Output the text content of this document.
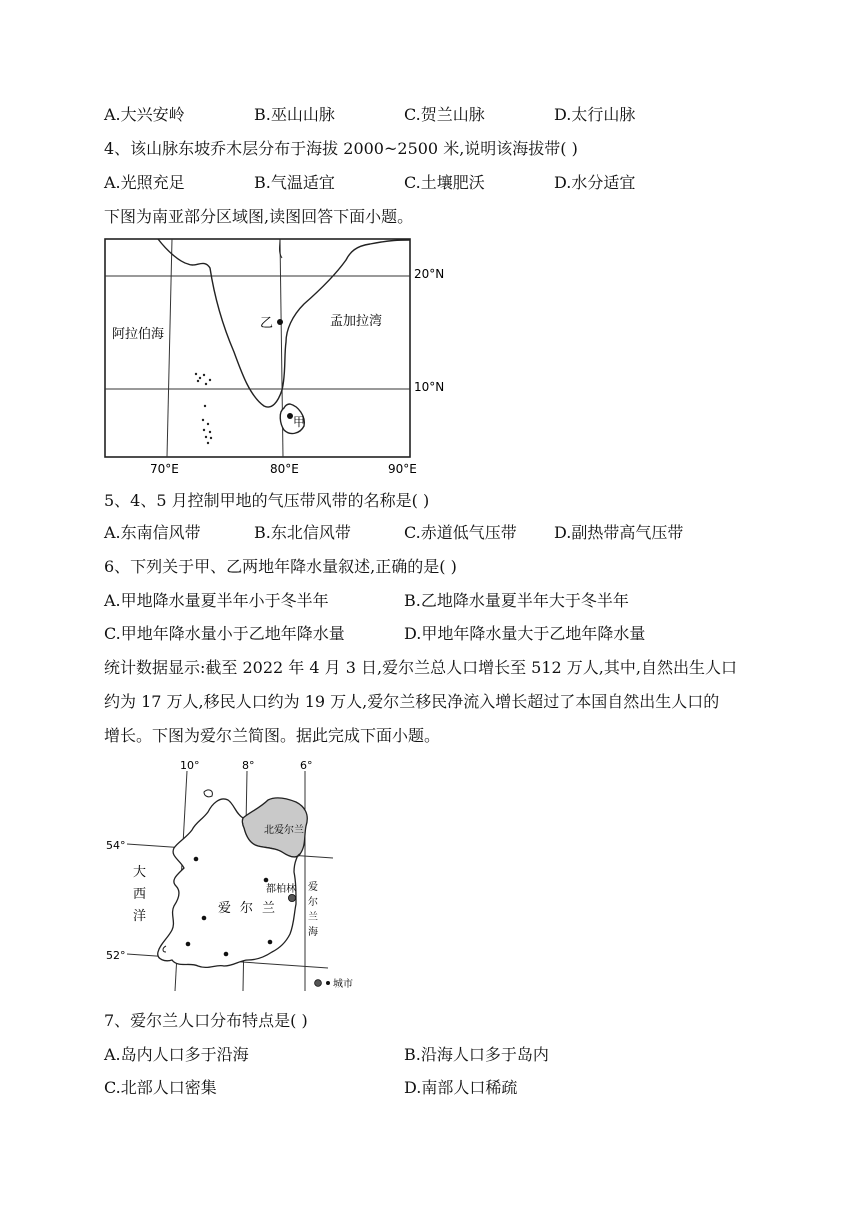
A.大兴安岭	B.巫山山脉	C.贺兰山脉	D.太行山脉
4、该山脉东坡乔木层分布于海拔 2000~2500 米,说明该海拔带( )
A.光照充足	B.气温适宜	C.土壤肥沃	D.水分适宜
下图为南亚部分区域图,读图回答下面小题。
乙
甲
阿拉伯海
孟加拉湾
20°N
10°N
70°E	80°E	90°E
5、4、5 月控制甲地的气压带风带的名称是( )
A.东南信风带	B.东北信风带	C.赤道低气压带 D.副热带高气压带
6、下列关于甲、乙两地年降水量叙述,正确的是( )
A.甲地降水量夏半年小于冬半年	B.乙地降水量夏半年大于冬半年
C.甲地年降水量小于乙地年降水量	D.甲地年降水量大于乙地年降水量
统计数据显示:截至 2022 年 4 月 3 日,爱尔兰总人口增长至 512 万人,其中,自然出生人口
约为 17 万人,移民人口约为 19 万人,爱尔兰移民净流入增长超过了本国自然出生人口的
增长。下图为爱尔兰简图。据此完成下面小题。
10°	8°	6°
54°
52°
北爱尔兰
都柏林
大
西
洋
爱 尔 兰
爱
尔
兰
海
城市
7、爱尔兰人口分布特点是( )
A.岛内人口多于沿海	B.沿海人口多于岛内
C.北部人口密集	D.南部人口稀疏
